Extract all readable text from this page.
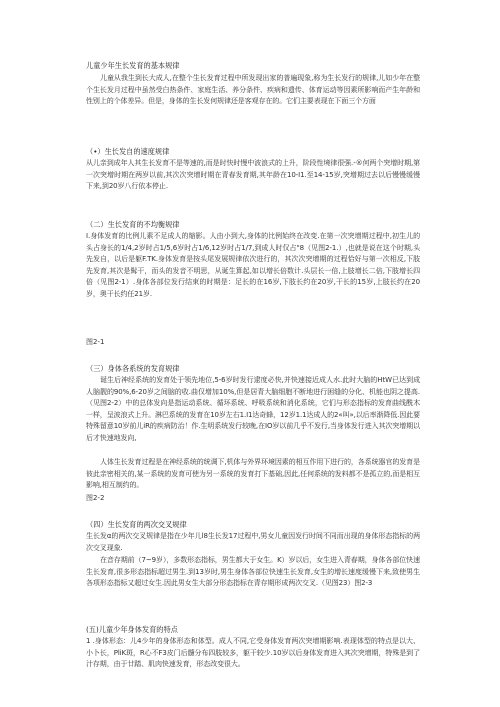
儿童少年生长发育的基本规律

儿童从我生到长大成人,在整个生长发育过程中所发现出家的普遍现象,称为生长发行的规律,儿如少年在整个生长发月过程中虽然受白热条件、家庭生活、养分条件、疾病和遗传、体育运动等因素所影响而产生年龄和性别上的个体差异。但是，身体的生长发何规律还是客观存在的。它们主要表现在下面三个方面

（•）生长发自的速度规律

从儿亲到成年人其生长发育不是等速的,而是时快时慢中波浪式的上升，阶段性境律很强.-®何两个突增时期,第一次突增时期在两岁以前,其次次突增时期在青春发育期,其年龄在10-I1.至14-15岁,突增期过去以后慢慢缓慢下来,到20岁八行依本停止.

（二）生长发育的不均衡规律

I.身体发育的比例儿素不足成人的缩影。人由小到大,身体的比例始终在改变.在第一次突增期过程中,初生儿的头占身长的1/4,2岁时占1/5,6岁时占1/6,12岁时占1/7,到成人时仅占"8（见图2-1.）,也就是说在这个时期,头先发自，以后是躯F.TK.身体发育是按头尾发展规律依次进行的，其次次突增期的过程恰好与第一次相反,下肢先发育,其次是髯干，而头的发音不明思，从诞生算起,如以增长倍数计.头层长一倍,上肢增长二倍,下肢增长四倍（见图2-1）.身体各部位发行结束的时期是：足长的在16岁,下肢长约在20岁,干长的15岁,上肢长约在20岁，奥干长约任21岁.

图2-1

（三）身体各系统的发育规律

诞生后神经系统的发育处于领先地位,5-6岁时发行逮度必快,并快速接近成人水.此时大脑的HtW已达到成人脑靓的90%,6-20岁之间脑的收.曲仅增加10%,但是居青大脑细胞不断地进行困缝的分化、机能也阴之提高.（见图2-2）中的总体发向是指运动系统、循环系统、呼吸系统和消化系统，它们与形态指标的发育曲线酰木一样，呈波浪式上升。淋巴系统的发育在10岁左右1.I1达奇蜂，12岁1.1达成人的2«叫»,以后率渐降低.因此要特殊留意10岁前儿iR的疾病防治！作.生明系统发行较晚,在IO岁以前几乎不发行,当身体发行进入其次突增期以后才快速地发向,

人体生长发育过程是在神经系统的统调下,机体与外界环境因素的相互作用下进行的，各系统器官的发育是彼此亲密相关的,某一系统的发育可使为另一系统的发育打下基础,因此,任何系统的发料都不是孤立的,而是相互影响,相互制约的。

图2-2

（四）生长发育的两次交叉规律

生长发α的两次交叉规律是指在少年儿l8生长发17过程中,男女儿童因发行时间不同而出现的身体形态指标的两次交叉现象.

在音存期前（7~9岁），多数形态指标，男生都大于女生。K）岁以后，女生进入青春期，身体各部位快速生长发育,很多形态指标超过男生.到13岁时,男生身体各部位快速生长发育,女生的增长速度缓慢下来,致使男生各项形态指标又超过女生.因此男女生大部分形态指标在青存期形成两次交叉.（见图23）图2-3

(五)儿童少年身体发育的特点

1 .身体形态：儿4少年的身体形态和体型。成人不同,它受身体发育两次突增期影响.表现体型的特点是以大、小卜长，PliK斑，R心不F3皮门后髓分布四肢较多，躯干较少.10岁以后身体发育进入其次突增期，特殊是到了汁存期，由于廿踏、肌肉快速发育，形态改变很大。
